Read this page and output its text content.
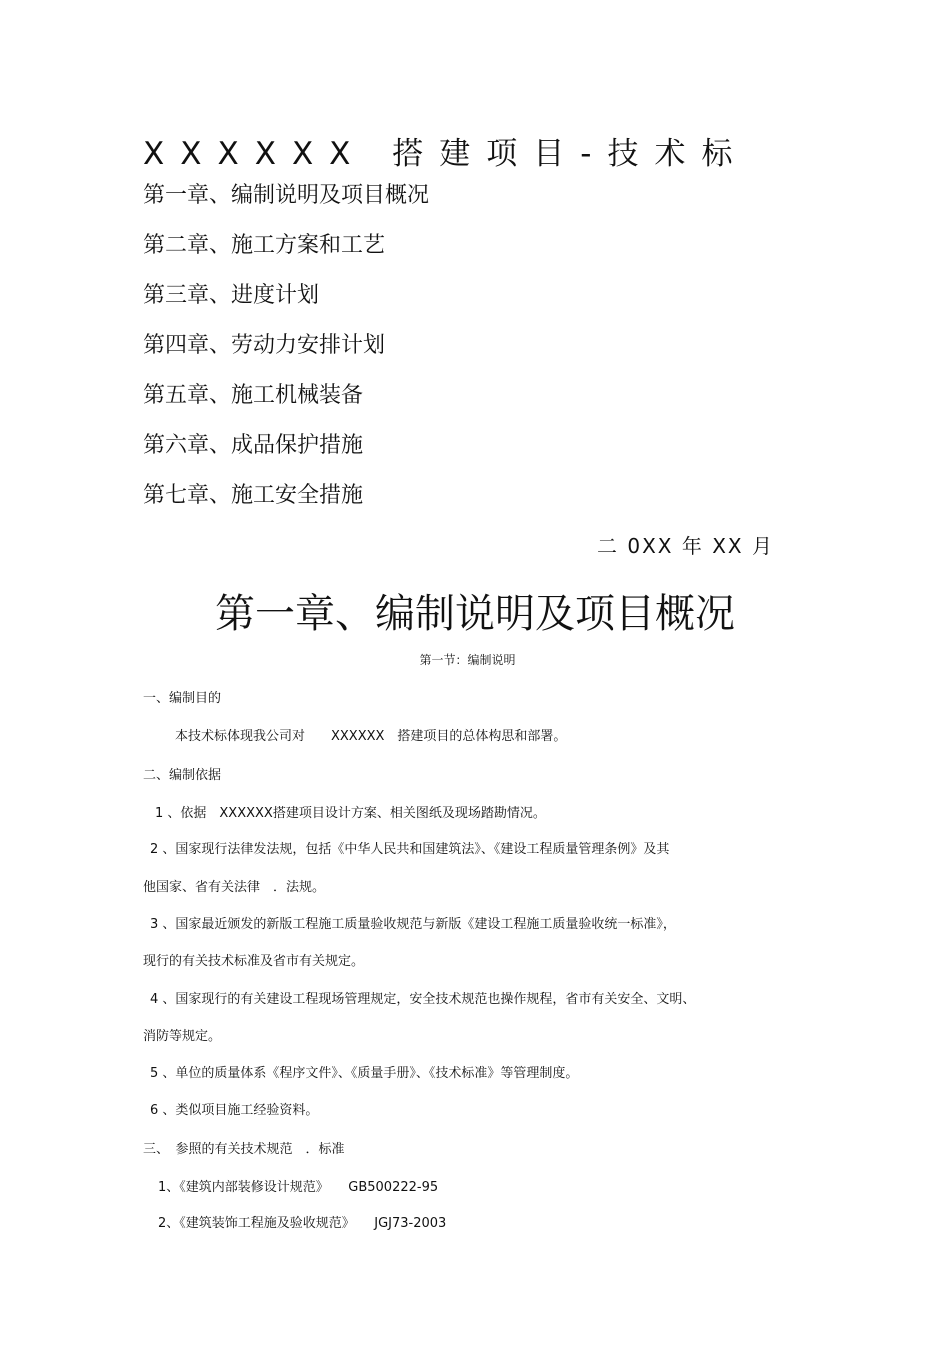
XXXXXX 搭建项目-技术标
第一章、编制说明及项目概况
第二章、施工方案和工艺
第三章、进度计划
第四章、劳动力安排计划
第五章、施工机械装备
第六章、成品保护措施
第七章、施工安全措施
二 0XX 年 XX 月
第一章、编制说明及项目概况
第一节：编制说明
一、编制目的
本技术标体现我公司对　　XXXXXX　搭建项目的总体构思和部署。
二、编制依据
1 、依据　XXXXXX搭建项目设计方案、相关图纸及现场踏勘情况。
2 、国家现行法律发法规，包括《中华人民共和国建筑法》、《建设工程质量管理条例》及其
他国家、省有关法律　．法规。
3 、国家最近颁发的新版工程施工质量验收规范与新版《建设工程施工质量验收统一标准》，
现行的有关技术标准及省市有关规定。
4 、国家现行的有关建设工程现场管理规定，安全技术规范也操作规程，省市有关安全、文明、
消防等规定。
5 、单位的质量体系《程序文件》、《质量手册》、《技术标准》等管理制度。
6 、类似项目施工经验资料。
三、　参照的有关技术规范　．标准
1、《建筑内部装修设计规范》　　GB500222-95
2、《建筑装饰工程施及验收规范》　　JGJ73-2003
